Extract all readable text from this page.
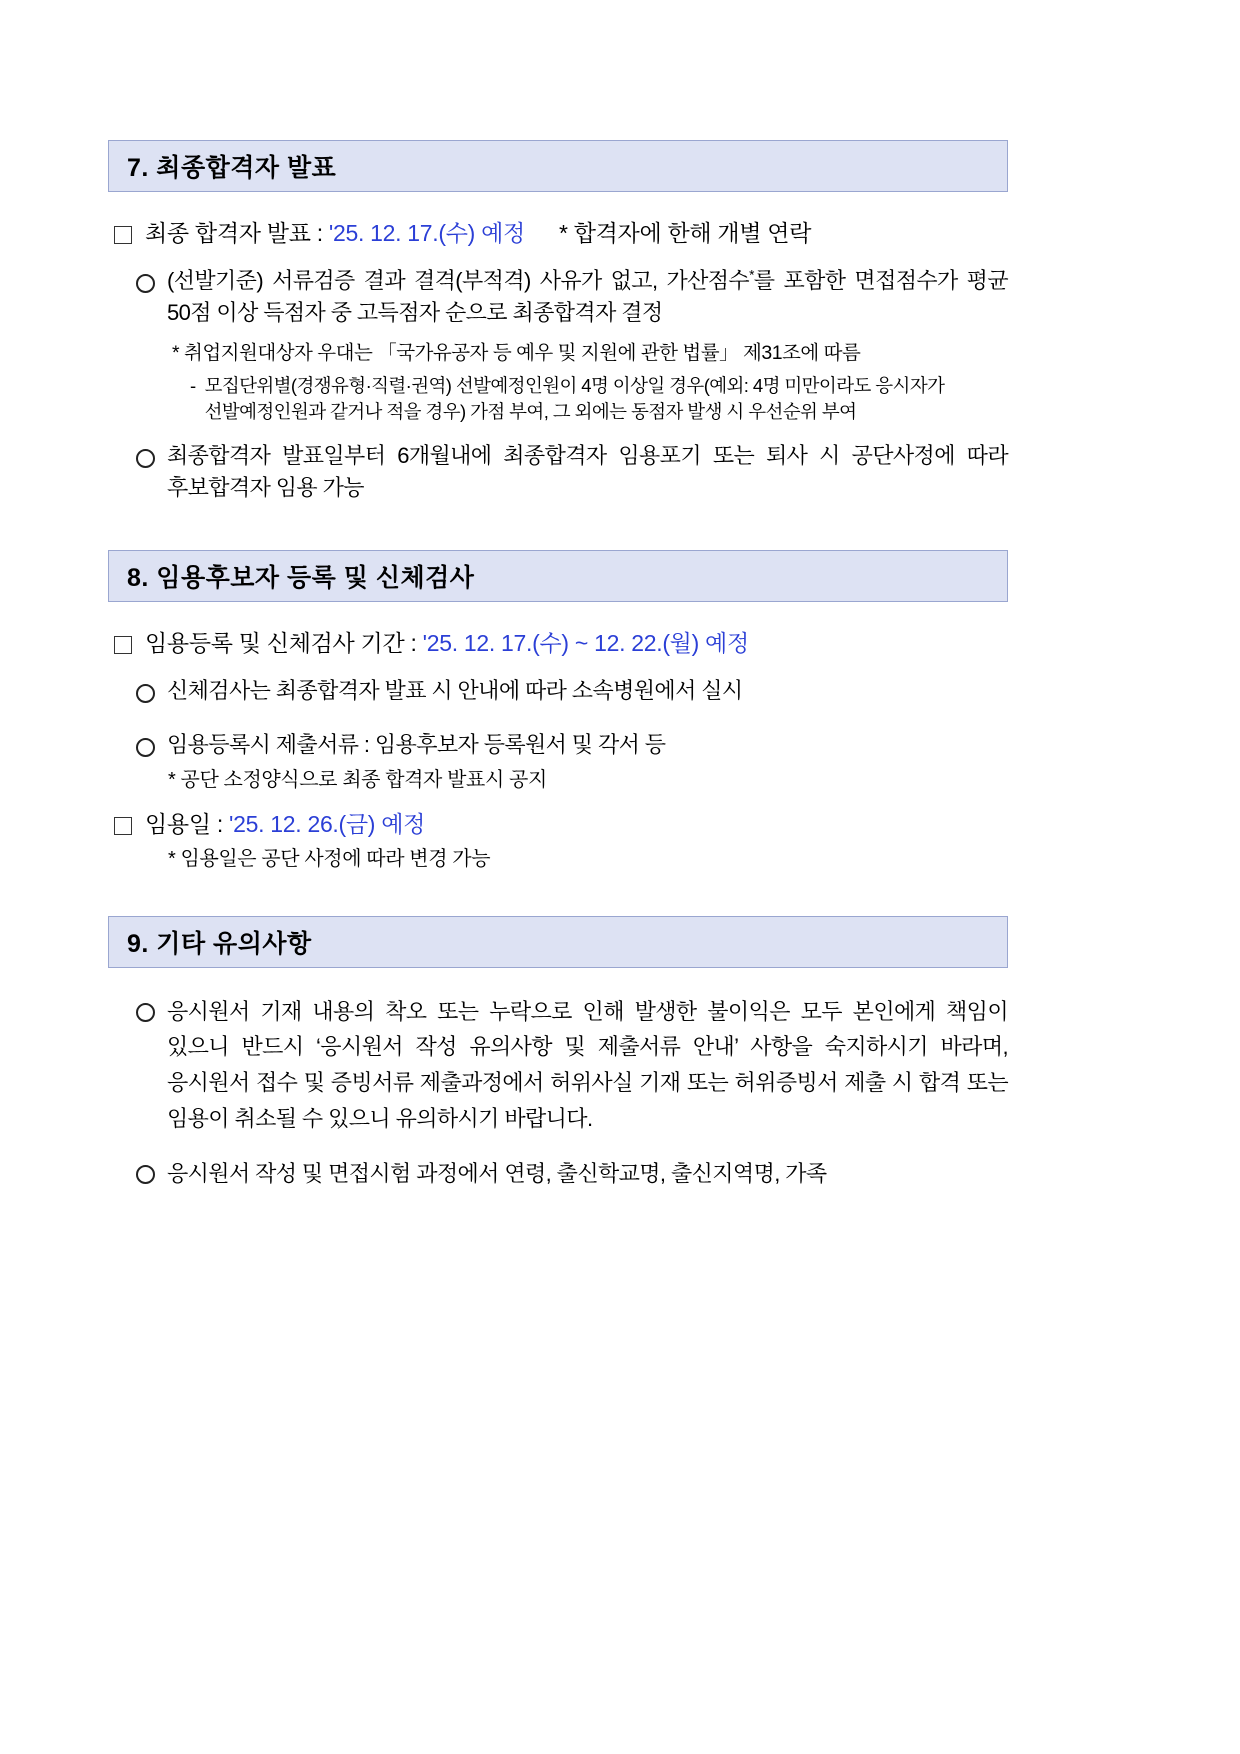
7. 최종합격자 발표
최종 합격자 발표 : '25. 12. 17.(수) 예정 * 합격자에 한해 개별 연락
(선발기준) 서류검증 결과 결격(부적격) 사유가 없고, 가산점수*를 포함한 면접점수가 평균 50점 이상 득점자 중 고득점자 순으로 최종합격자 결정
* 취업지원대상자 우대는 「국가유공자 등 예우 및 지원에 관한 법률」 제31조에 따름
- 모집단위별(경쟁유형·직렬·권역) 선발예정인원이 4명 이상일 경우(예외: 4명 미만이라도 응시자가 선발예정인원과 같거나 적을 경우) 가점 부여, 그 외에는 동점자 발생 시 우선순위 부여
최종합격자 발표일부터 6개월내에 최종합격자 임용포기 또는 퇴사 시 공단사정에 따라 후보합격자 임용 가능
8. 임용후보자 등록 및 신체검사
임용등록 및 신체검사 기간 : '25. 12. 17.(수) ~ 12. 22.(월) 예정
신체검사는 최종합격자 발표 시 안내에 따라 소속병원에서 실시
임용등록시 제출서류 : 임용후보자 등록원서 및 각서 등
* 공단 소정양식으로 최종 합격자 발표시 공지
임용일 : '25. 12. 26.(금) 예정
* 임용일은 공단 사정에 따라 변경 가능
9. 기타 유의사항
응시원서 기재 내용의 착오 또는 누락으로 인해 발생한 불이익은 모두 본인에게 책임이 있으니 반드시 ‘응시원서 작성 유의사항 및 제출서류 안내’ 사항을 숙지하시기 바라며, 응시원서 접수 및 증빙서류 제출과정에서 허위사실 기재 또는 허위증빙서 제출 시 합격 또는 임용이 취소될 수 있으니 유의하시기 바랍니다.
응시원서 작성 및 면접시험 과정에서 연령, 출신학교명, 출신지역명, 가족
